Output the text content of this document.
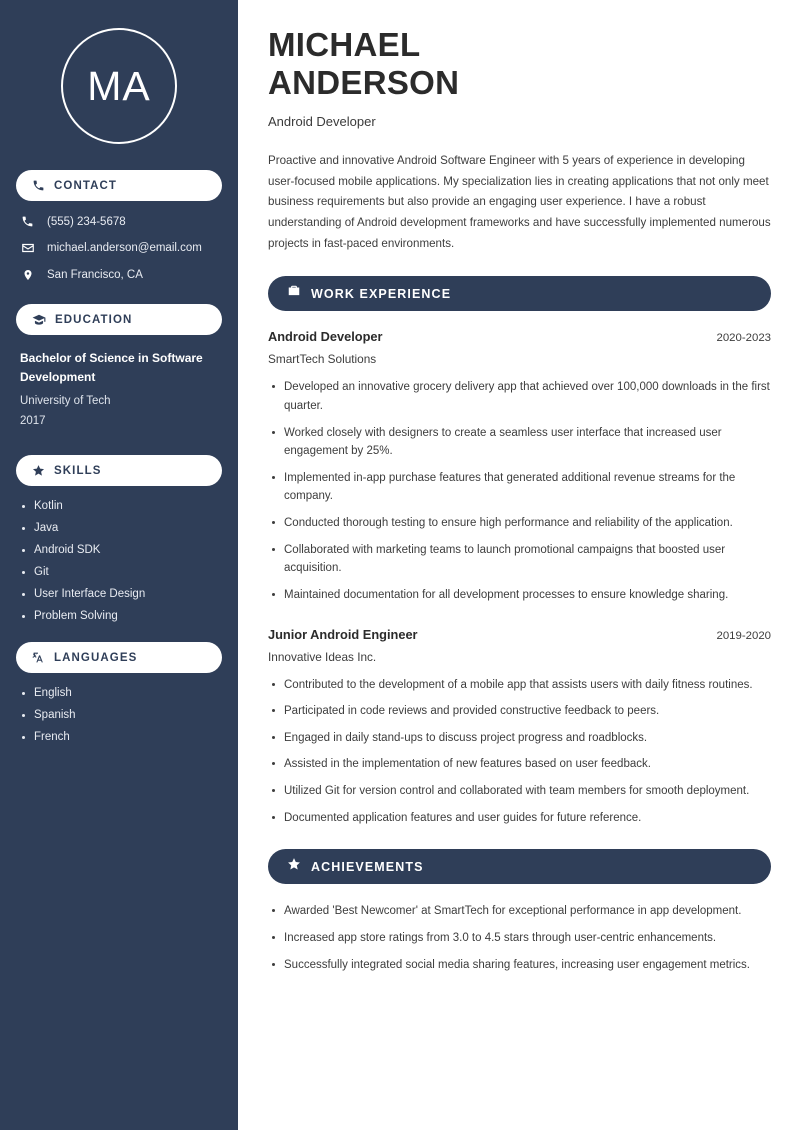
MA
CONTACT
(555) 234-5678
michael.anderson@email.com
San Francisco, CA
EDUCATION
Bachelor of Science in Software Development
University of Tech
2017
SKILLS
Kotlin
Java
Android SDK
Git
User Interface Design
Problem Solving
LANGUAGES
English
Spanish
French
MICHAEL
ANDERSON
Android Developer

Proactive and innovative Android Software Engineer with 5 years of experience in developing user-focused mobile applications. My specialization lies in creating applications that not only meet business requirements but also provide an engaging user experience. I have a robust understanding of Android development frameworks and have successfully implemented numerous projects in fast-paced environments.

WORK EXPERIENCE
Android Developer	2020-2023
SmartTech Solutions
Developed an innovative grocery delivery app that achieved over 100,000 downloads in the first quarter.
Worked closely with designers to create a seamless user interface that increased user engagement by 25%.
Implemented in-app purchase features that generated additional revenue streams for the company.
Conducted thorough testing to ensure high performance and reliability of the application.
Collaborated with marketing teams to launch promotional campaigns that boosted user acquisition.
Maintained documentation for all development processes to ensure knowledge sharing.
Junior Android Engineer	2019-2020
Innovative Ideas Inc.
Contributed to the development of a mobile app that assists users with daily fitness routines.
Participated in code reviews and provided constructive feedback to peers.
Engaged in daily stand-ups to discuss project progress and roadblocks.
Assisted in the implementation of new features based on user feedback.
Utilized Git for version control and collaborated with team members for smooth deployment.
Documented application features and user guides for future reference.
ACHIEVEMENTS
Awarded 'Best Newcomer' at SmartTech for exceptional performance in app development.
Increased app store ratings from 3.0 to 4.5 stars through user-centric enhancements.
Successfully integrated social media sharing features, increasing user engagement metrics.
